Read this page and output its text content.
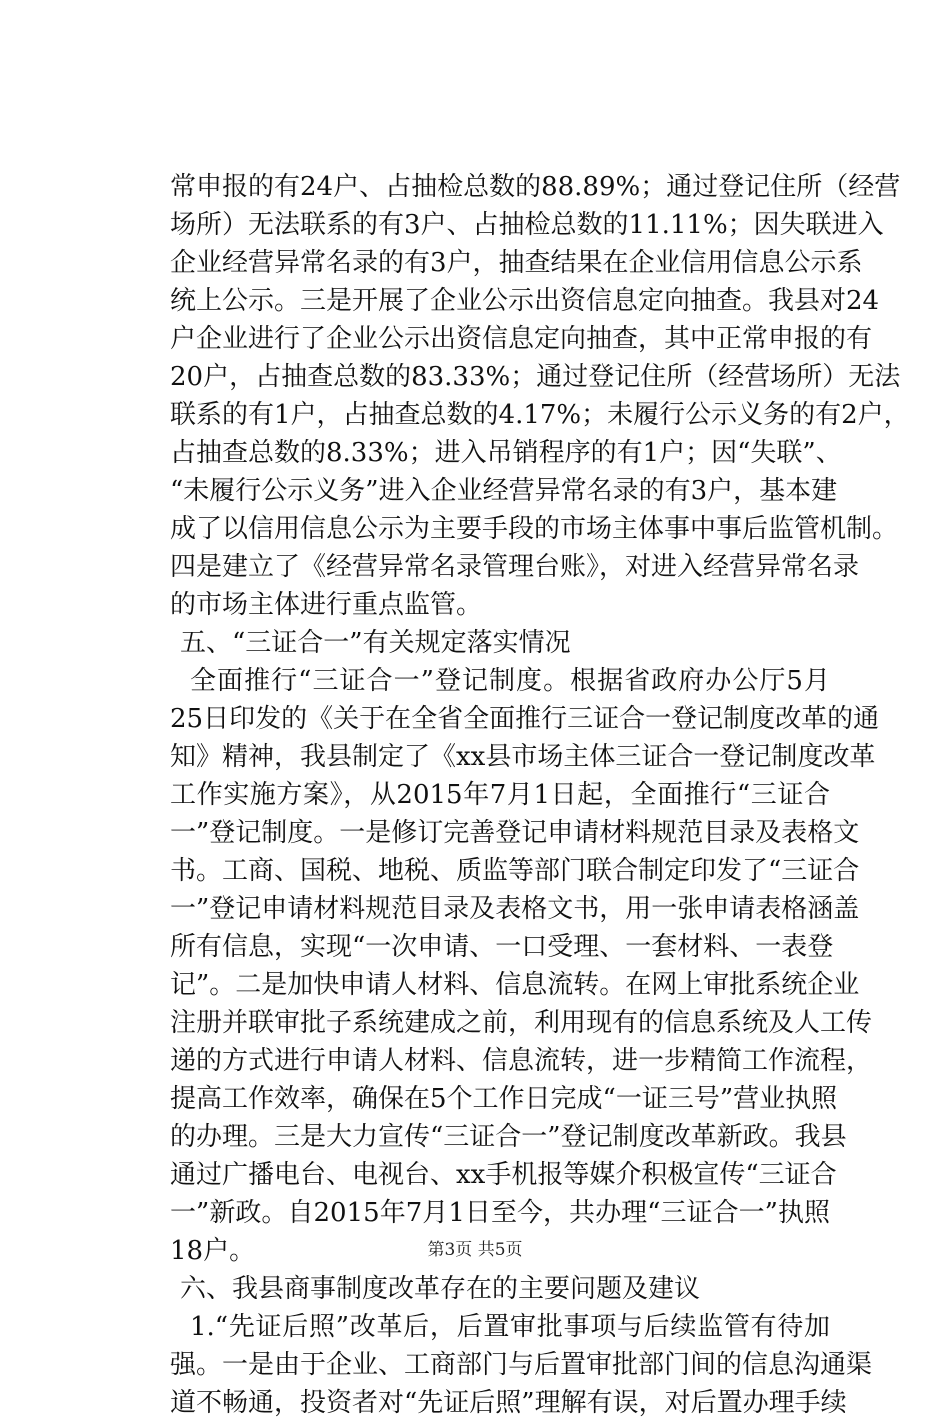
常申报的有24户、占抽检总数的88.89%；通过登记住所（经营
场所）无法联系的有3户、占抽检总数的11.11%；因失联进入
企业经营异常名录的有3户，抽查结果在企业信用信息公示系
统上公示。三是开展了企业公示出资信息定向抽查。我县对24
户企业进行了企业公示出资信息定向抽查，其中正常申报的有
20户，占抽查总数的83.33%；通过登记住所（经营场所）无法
联系的有1户，占抽查总数的4.17%；未履行公示义务的有2户，
占抽查总数的8.33%；进入吊销程序的有1户；因“失联”、
“未履行公示义务”进入企业经营异常名录的有3户，基本建
成了以信用信息公示为主要手段的市场主体事中事后监管机制。
四是建立了《经营异常名录管理台账》，对进入经营异常名录
的市场主体进行重点监管。
五、“三证合一”有关规定落实情况
全面推行“三证合一”登记制度。根据省政府办公厅5月
25日印发的《关于在全省全面推行三证合一登记制度改革的通
知》精神，我县制定了《xx县市场主体三证合一登记制度改革
工作实施方案》，从2015年7月1日起，全面推行“三证合
一”登记制度。一是修订完善登记申请材料规范目录及表格文
书。工商、国税、地税、质监等部门联合制定印发了“三证合
一”登记申请材料规范目录及表格文书，用一张申请表格涵盖
所有信息，实现“一次申请、一口受理、一套材料、一表登
记”。二是加快申请人材料、信息流转。在网上审批系统企业
注册并联审批子系统建成之前，利用现有的信息系统及人工传
递的方式进行申请人材料、信息流转，进一步精简工作流程，
提高工作效率，确保在5个工作日完成“一证三号”营业执照
的办理。三是大力宣传“三证合一”登记制度改革新政。我县
通过广播电台、电视台、xx手机报等媒介积极宣传“三证合
一”新政。自2015年7月1日至今，共办理“三证合一”执照
18户。
六、我县商事制度改革存在的主要问题及建议
1.“先证后照”改革后，后置审批事项与后续监管有待加
强。一是由于企业、工商部门与后置审批部门间的信息沟通渠
道不畅通，投资者对“先证后照”理解有误，对后置办理手续
第3页 共5页
